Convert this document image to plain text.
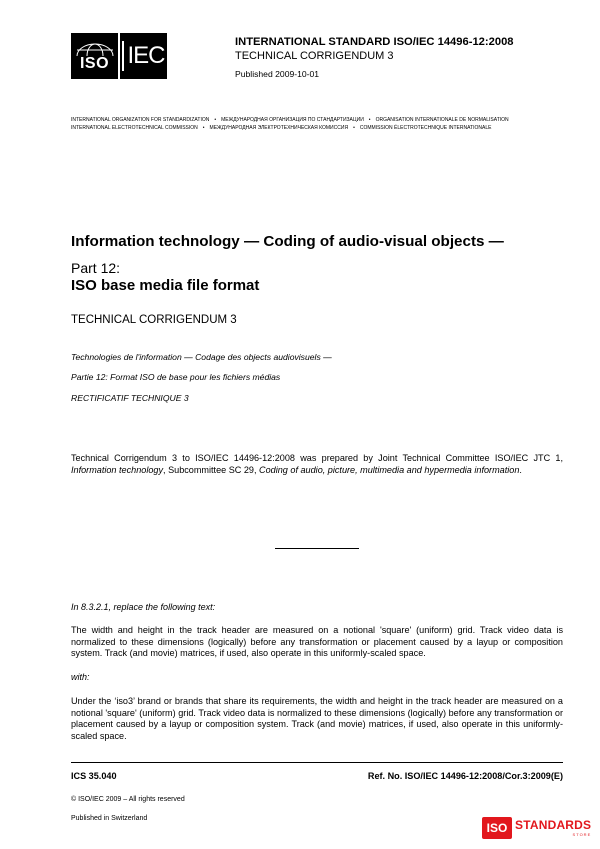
ISO IEC	INTERNATIONAL STANDARD ISO/IEC 14496-12:2008
TECHNICAL CORRIGENDUM 3
Published 2009-10-01
INTERNATIONAL ORGANIZATION FOR STANDARDIZATION • МЕЖДУНАРОДНАЯ ОРГАНИЗАЦИЯ ПО СТАНДАРТИЗАЦИИ • ORGANISATION INTERNATIONALE DE NORMALISATION
INTERNATIONAL ELECTROTECHNICAL COMMISSION • МЕЖДУНАРОДНАЯ ЭЛЕКТРОТЕХНИЧЕСКАЯ КОМИССИЯ • COMMISSION ÉLECTROTECHNIQUE INTERNATIONALE
Information technology — Coding of audio-visual objects —
Part 12:
ISO base media file format
TECHNICAL CORRIGENDUM 3
Technologies de l'information — Codage des objects audiovisuels —
Partie 12: Format ISO de base pour les fichiers médias
RECTIFICATIF TECHNIQUE 3
Technical Corrigendum 3 to ISO/IEC 14496-12:2008 was prepared by Joint Technical Committee ISO/IEC JTC 1, Information technology, Subcommittee SC 29, Coding of audio, picture, multimedia and hypermedia information.
In 8.3.2.1, replace the following text:
The width and height in the track header are measured on a notional 'square' (uniform) grid. Track video data is normalized to these dimensions (logically) before any transformation or placement caused by a layup or composition system. Track (and movie) matrices, if used, also operate in this uniformly-scaled space.
with:
Under the ‘iso3’ brand or brands that share its requirements, the width and height in the track header are measured on a notional 'square' (uniform) grid. Track video data is normalized to these dimensions (logically) before any transformation or placement caused by a layup or composition system. Track (and movie) matrices, if used, also operate in this uniformly-scaled space.
ICS 35.040	Ref. No. ISO/IEC 14496-12:2008/Cor.3:2009(E)
© ISO/IEC 2009 – All rights reserved
Published in Switzerland
ISO STANDARDS
STORE
